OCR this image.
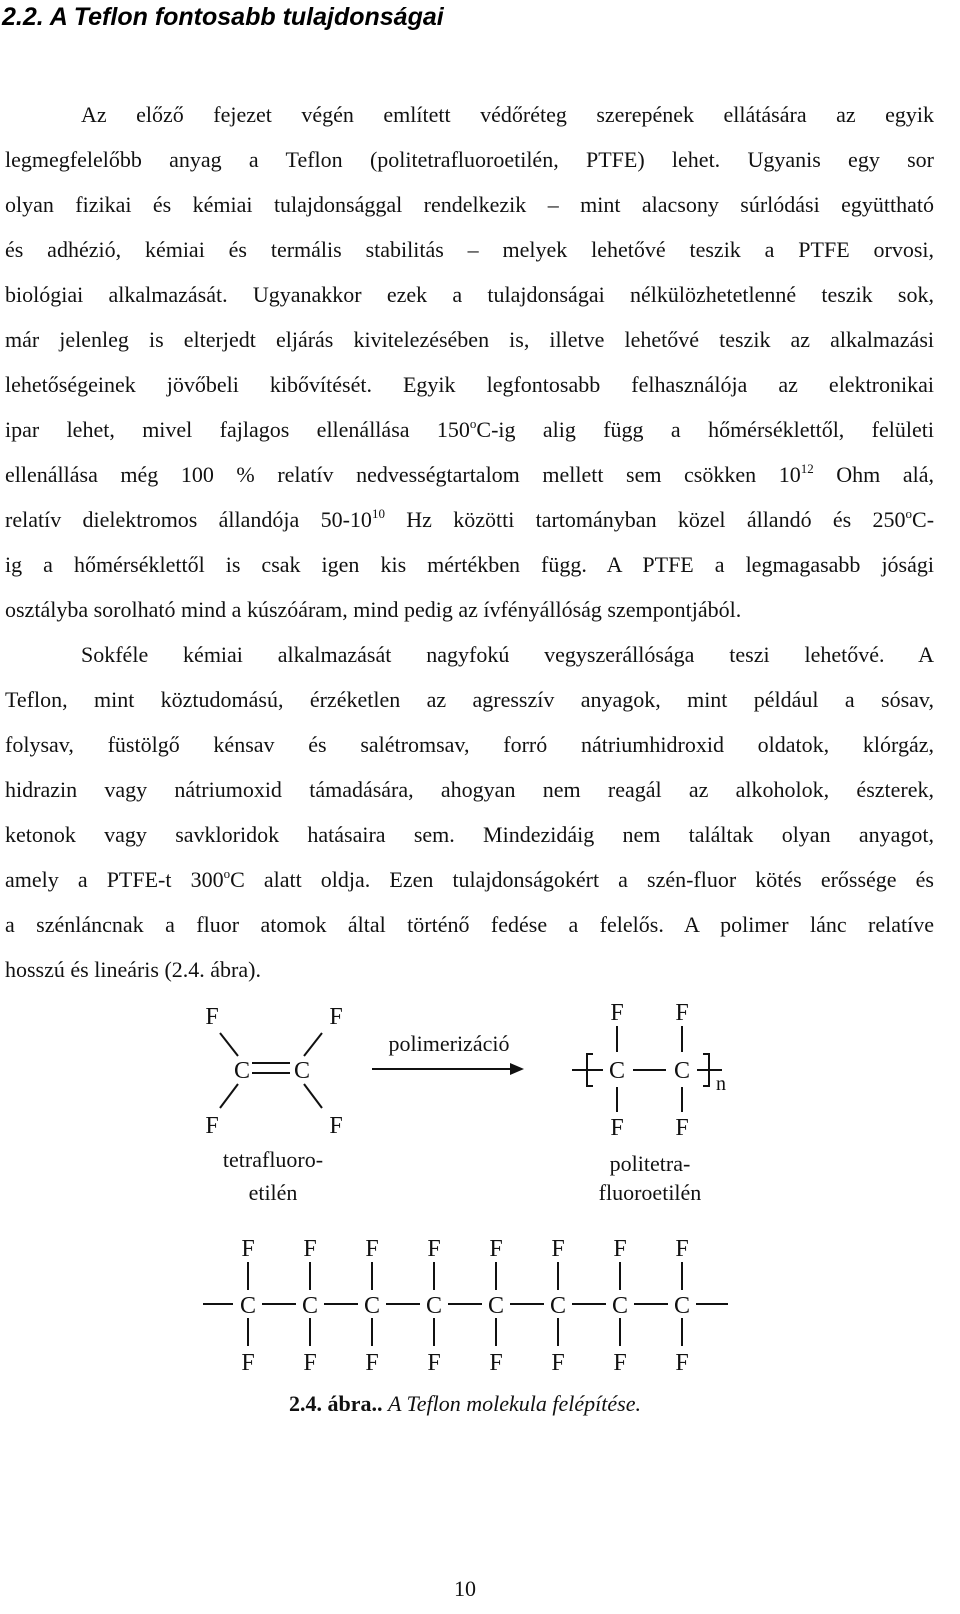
2.2. A Teflon fontosabb tulajdonságai
Az előző fejezet végén említett védőréteg szerepének ellátására az egyik
legmegfelelőbb anyag a Teflon (politetrafluoroetilén, PTFE) lehet. Ugyanis egy sor
olyan fizikai és kémiai tulajdonsággal rendelkezik – mint alacsony súrlódási együttható
és adhézió, kémiai és termális stabilitás – melyek lehetővé teszik a PTFE orvosi,
biológiai alkalmazását. Ugyanakkor ezek a tulajdonságai nélkülözhetetlenné teszik sok,
már jelenleg is elterjedt eljárás kivitelezésében is, illetve lehetővé teszik az alkalmazási
lehetőségeinek jövőbeli kibővítését. Egyik legfontosabb felhasználója az elektronikai
ipar lehet, mivel fajlagos ellenállása 150$^o$C-ig alig függ a hőmérséklettől, felületi
ellenállása még 100 % relatív nedvességtartalom mellett sem csökken $10^{12}$ Ohm alá,
relatív dielektromos állandója $50-10^{10}$ Hz közötti tartományban közel állandó és 250$^o$C-
ig a hőmérséklettől is csak igen kis mértékben függ. A PTFE a legmagasabb jósági
osztályba sorolható mind a kúszóáram, mind pedig az ívfényállóság szempontjából.
Sokféle kémiai alkalmazását nagyfokú vegyszerállósága teszi lehetővé. A
Teflon, mint köztudomású, érzéketlen az agresszív anyagok, mint például a sósav,
folysav, füstölgő kénsav és salétromsav, forró nátriumhidroxid oldatok, klórgáz,
hidrazin vagy nátriumoxid támadására, ahogyan nem reagál az alkoholok, észterek,
ketonok vagy savkloridok hatásaira sem. Mindezidáig nem találtak olyan anyagot,
amely a PTFE-t 300$^o$C alatt oldja. Ezen tulajdonságokért a szén-fluor kötés erőssége és
a szénláncnak a fluor atomok által történő fedése a felelős. A polimer lánc relatíve
hosszú és lineáris (2.4. ábra).
F	F
C C
F	F
F F
C C
F F
n
polimerizáció
tetrafluoro-
etilén
politetra-
fluoroetilén
F F F F F F F F
C C C C C C C C
F F F F F F F F
2.4. ábra.. A Teflon molekula felépítése.
10
